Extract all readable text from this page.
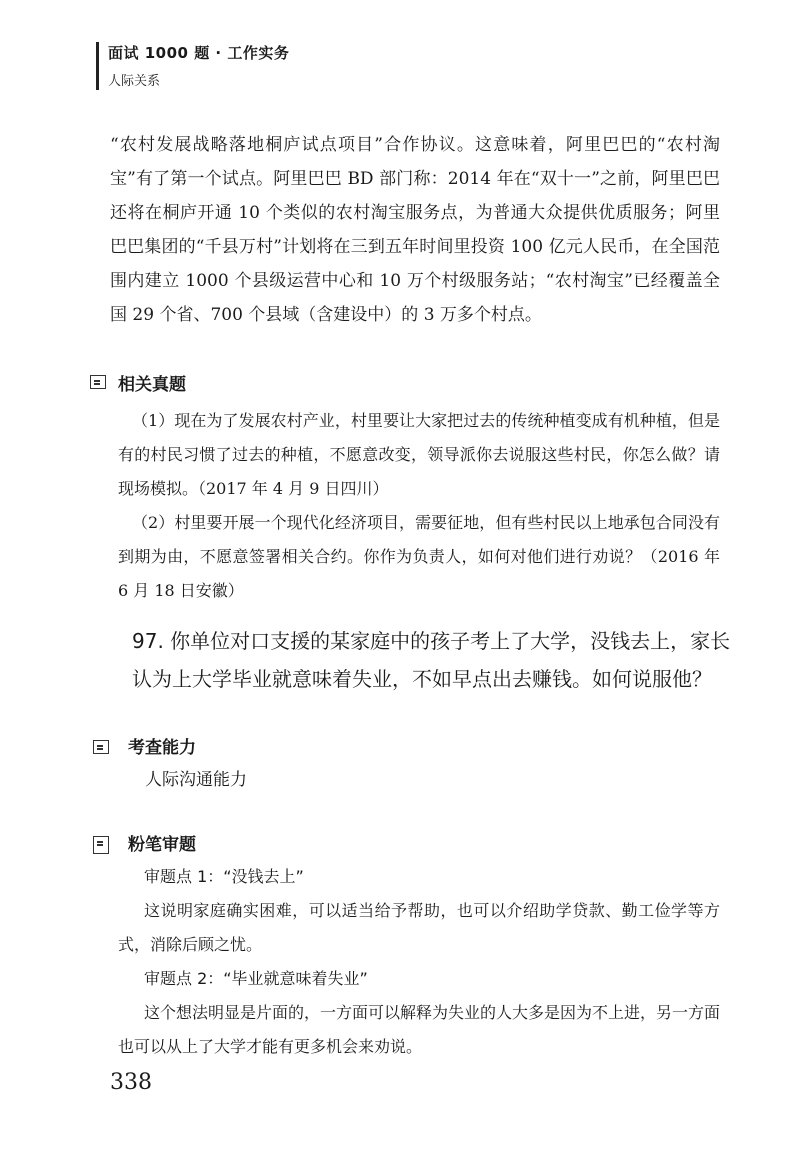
面试 1000 题 · 工作实务
人际关系

“农村发展战略落地桐庐试点项目”合作协议。这意味着，阿里巴巴的“农村淘宝”有了第一个试点。阿里巴巴 BD 部门称：2014 年在“双十一”之前，阿里巴巴还将在桐庐开通 10 个类似的农村淘宝服务点，为普通大众提供优质服务；阿里巴巴集团的“千县万村”计划将在三到五年时间里投资 100 亿元人民币，在全国范围内建立 1000 个县级运营中心和 10 万个村级服务站；“农村淘宝”已经覆盖全国 29 个省、700 个县域（含建设中）的 3 万多个村点。

相关真题

（1）现在为了发展农村产业，村里要让大家把过去的传统种植变成有机种植，但是有的村民习惯了过去的种植，不愿意改变，领导派你去说服这些村民，你怎么做？请现场模拟。（2017 年 4 月 9 日四川）

（2）村里要开展一个现代化经济项目，需要征地，但有些村民以上地承包合同没有到期为由，不愿意签署相关合约。你作为负责人，如何对他们进行劝说？（2016 年 6 月 18 日安徽）

97. 你单位对口支援的某家庭中的孩子考上了大学，没钱去上，家长认为上大学毕业就意味着失业，不如早点出去赚钱。如何说服他？
考查能力
人际沟通能力
粉笔审题

审题点 1：“没钱去上”

这说明家庭确实困难，可以适当给予帮助，也可以介绍助学贷款、勤工俭学等方式，消除后顾之忧。

审题点 2：“毕业就意味着失业”

这个想法明显是片面的，一方面可以解释为失业的人大多是因为不上进，另一方面也可以从上了大学才能有更多机会来劝说。

338
